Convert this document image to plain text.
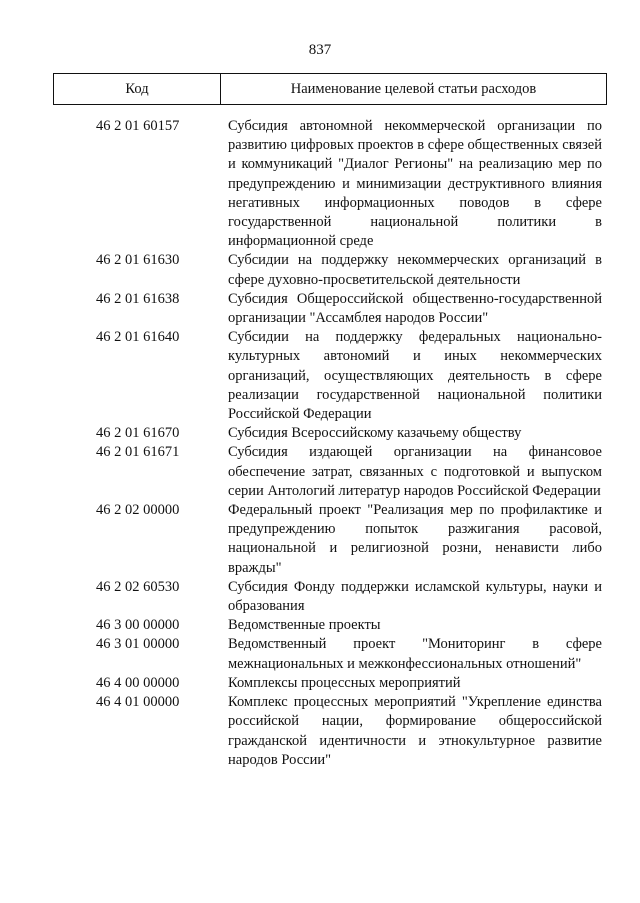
837
Код	Наименование целевой статьи расходов
46 2 01 60157	Субсидия автономной некоммерческой организации по развитию цифровых проектов в сфере общественных связей и коммуникаций "Диалог Регионы" на реализацию мер по предупреждению и минимизации деструктивного влияния негативных информационных поводов в сфере государственной национальной политики в информационной среде
46 2 01 61630	Субсидии на поддержку некоммерческих организаций в сфере духовно-просветительской деятельности
46 2 01 61638	Субсидия Общероссийской общественно-государственной организации "Ассамблея народов России"
46 2 01 61640	Субсидии на поддержку федеральных национально-культурных автономий и иных некоммерческих организаций, осуществляющих деятельность в сфере реализации государственной национальной политики Российской Федерации
46 2 01 61670	Субсидия Всероссийскому казачьему обществу
46 2 01 61671	Субсидия издающей организации на финансовое обеспечение затрат, связанных с подготовкой и выпуском серии Антологий литератур народов Российской Федерации
46 2 02 00000	Федеральный проект "Реализация мер по профилактике и предупреждению попыток разжигания расовой, национальной и религиозной розни, ненависти либо вражды"
46 2 02 60530	Субсидия Фонду поддержки исламской культуры, науки и образования
46 3 00 00000	Ведомственные проекты
46 3 01 00000	Ведомственный проект "Мониторинг в сфере межнациональных и межконфессиональных отношений"
46 4 00 00000	Комплексы процессных мероприятий
46 4 01 00000	Комплекс процессных мероприятий "Укрепление единства российской нации, формирование общероссийской гражданской идентичности и этнокультурное развитие народов России"
